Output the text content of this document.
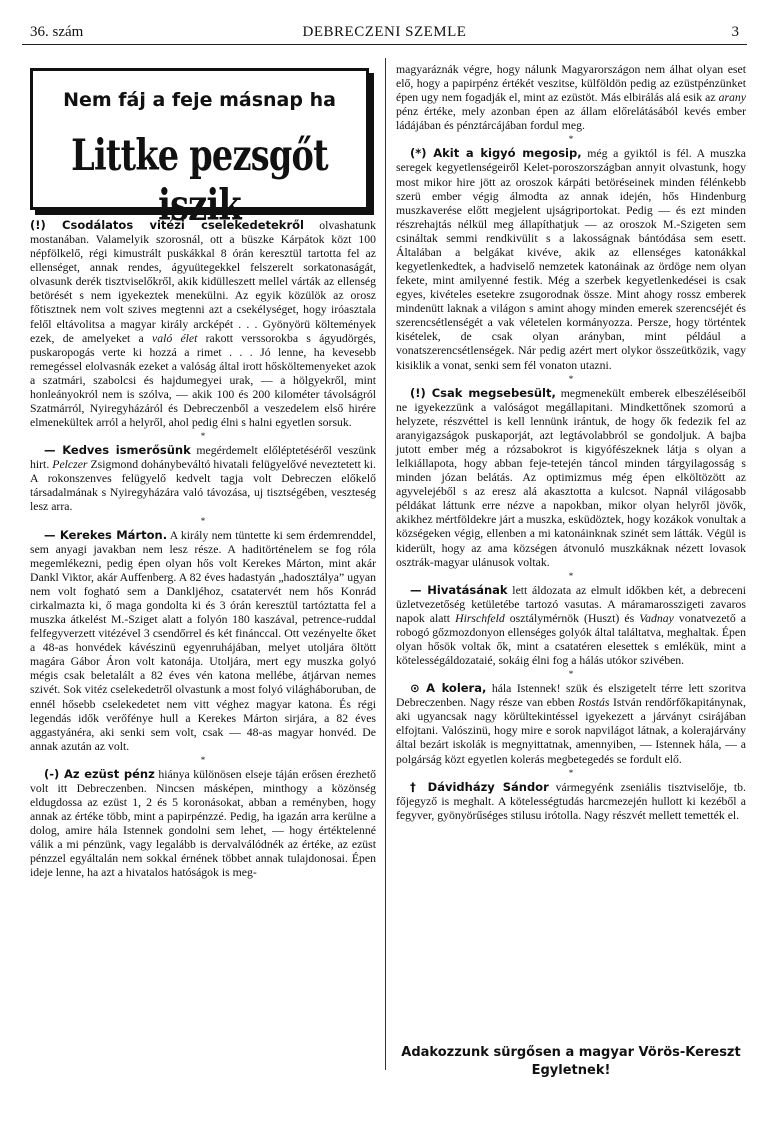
36. szám	DEBRECZENI SZEMLE	3
Nem fáj a feje másnap ha
Littke pezsgőt iszik

(!) Csodálatos vitézi cselekedetekről olvashatunk mostanában. Valamelyik szorosnál, ott a büszke Kárpátok közt 100 népfölkelő, régi kimustrált puskákkal 8 órán keresztül tartotta fel az ellenséget, annak rendes, ágyuütegekkel felszerelt sorkatonaságát, olvasunk derék tisztviselőkről, akik kidülleszett mellel várták az ellenség betörését s nem igyekeztek menekülni. Az egyik közülök az orosz főtisztnek nem volt szives megtenni azt a csekélységet, hogy iróasztala felől eltávolitsa a magyar király arcképét . . . Gyönyörü költemények ezek, de amelyeket a való élet rakott verssorokba s ágyudörgés, puskaropogás verte ki hozzá a rimet . . . Jó lenne, ha kevesebb remegéssel elolvasnák ezeket a valóság által irott hősköltemenyeket azok a szatmári, szabolcsi és hajdumegyei urak, — a hölgyekről, mint honleányokról nem is szólva, — akik 100 és 200 kilométer távolságról Szatmárról, Nyiregyházáról és Debreczenből a veszedelem első hirére elmenekültek arról a helyről, ahol pedig élni s halni egyetlen sorsuk.

*

— Kedves ismerősünk megérdemelt előléptetéséről veszünk hirt. Pelczer Zsigmond dohánybeváltó hivatali felügyelővé neveztetett ki. A rokonszenves felügyelő kedvelt tagja volt Debreczen előkelő társadalmának s Nyiregyházára való távozása, uj tisztségében, veszteség lesz arra.

*

— Kerekes Márton. A király nem tüntette ki sem érdemrenddel, sem anyagi javakban nem lesz része. A haditörténelem se fog róla megemlékezni, pedig épen olyan hős volt Kerekes Márton, mint akár Dankl Viktor, akár Auffenberg. A 82 éves hadastyán „hadosztálya” ugyan nem volt fogható sem a Dankljéhoz, csatatervét nem hős Konrád cirkalmazta ki, ő maga gondolta ki és 3 órán keresztül tartóztatta fel a muszka átkelést M.-Sziget alatt a folyón 180 kaszával, petrence-ruddal felfegyverzett vitézével 3 csendőrrel és két finánccal. Ott vezényelte őket a 48-as honvédek kávészinü egyenruhájában, melyet utoljára öltött magára Gábor Áron volt katonája. Utoljára, mert egy muszka golyó mégis csak beletalált a 82 éves vén katona mellébe, átjárvan nemes szivét. Sok vitéz cselekedetről olvastunk a most folyó világháboruban, de ennél hősebb cselekedetet nem vitt véghez magyar katona. És régi legendás idők verőfénye hull a Kerekes Márton sirjára, a 82 éves aggastyánéra, aki senki sem volt, csak — 48-as magyar honvéd. De annak azután az volt.

*

(-) Az ezüst pénz hiánya különösen elseje táján erősen érezhető volt itt Debreczenben. Nincsen másképen, minthogy a közönség eldugdossa az ezüst 1, 2 és 5 koronásokat, abban a reményben, hogy annak az értéke több, mint a papirpénzzé. Pedig, ha igazán arra kerülne a dolog, amire hála Istennek gondolni sem lehet, — hogy értéktelenné válik a mi pénzünk, vagy legalább is dervalválódnék az értéke, az ezüst pénzzel egyáltalán nem sokkal érnének többet annak tulajdonosai. Épen ideje lenne, ha azt a hivatalos hatóságok is meg-

magyaráznák végre, hogy nálunk Magyarországon nem álhat olyan eset elő, hogy a papirpénz értékét veszitse, külföldön pedig az ezüstpénzünket épen ugy nem fogadják el, mint az ezüstöt. Más elbirálás alá esik az arany pénz értéke, mely azonban épen az állam előrelátásából kevés ember ládájában és pénztárcájában fordul meg.

*

(*) Akit a kigyó megosip, még a gyiktól is fél. A muszka seregek kegyetlenségeiről Kelet-poroszországban annyit olvastunk, hogy most mikor hire jött az oroszok kárpáti betöréseinek minden félénkebb szerü ember végig álmodta az annak idején, hős Hindenburg muszkaverése előtt megjelent ujságriportokat. Pedig — és ezt minden részrehajtás nélkül meg állapíthatjuk — az oroszok M.-Szigeten sem csináltak semmi rendkivülit s a lakosságnak bántódása sem esett. Általában a belgákat kivéve, akik az ellenséges katonákkal kegyetlenkedtek, a hadviselő nemzetek katonáinak az ördöge nem olyan fekete, mint amilyenné festik. Még a szerbek kegyetlenkedései is csak egyes, kivételes esetekre zsugorodnak össze. Mint ahogy rossz emberek mindenütt laknak a világon s amint ahogy minden emerek szerencséjét és szerencsétlenségét a vak véletelen kormányozza. Persze, hogy történtek kisételek, de csak olyan arányban, mint például a vonatszerencsétlenségek. Nár pedig azért mert olykor összeütközik, vagy kisiklik a vonat, senki sem fél vonaton utazni.

*

(!) Csak megsebesült, megmenekült emberek elbeszéléseiből ne igyekezzünk a valóságot megállapitani. Mindkettőnek szomorú a helyzete, részvéttel is kell lennünk irántuk, de hogy ők fedezik fel az aranyigazságok puskaporját, azt legtávolabbról se gondoljuk. A bajba jutott ember még a rózsabokrot is kigyófészeknek látja s olyan a lelkiállapota, hogy abban feje-tetején táncol minden tárgyilagosság s minden józan belátás. Az optimizmus még épen elköltözött az agyvelejéből s az eresz alá akasztotta a kulcsot. Napnál világosabb példákat láttunk erre nézve a napokban, mikor olyan helyről jövők, akikhez mértföldekre járt a muszka, esküdöztek, hogy kozákok vonultak a községeken végig, ellenben a mi katonáinknak szinét sem látták. Végül is kiderült, hogy az ama községen átvonuló muszkáknak nézett lovasok osztrák-magyar ulánusok voltak.

*

— Hivatásának lett áldozata az elmult időkben két, a debreceni üzletvezetőség ketületébe tartozó vasutas. A máramarosszigeti zavaros napok alatt Hirschfeld osztálymérnök (Huszt) és Vadnay vonatvezető a robogó gőzmozdonyon ellenséges golyók által találtatva, meghaltak. Épen olyan hősök voltak ők, mint a csatatéren elesettek s emlékük, mint a kötelességáldozataié, sokáig élni fog a hálás utókor szivében.

*

⊙ A kolera, hála Istennek! szük és elszigetelt térre lett szoritva Debreczenben. Nagy része van ebben Rostás István rendőrfőkapitánynak, aki ugyancsak nagy körültekintéssel igyekezett a járványt csirájában elfojtani. Valószinü, hogy mire e sorok napvilágot látnak, a kolerajárvány által bezárt iskolák is megnyittatnak, amennyiben, — Istennek hála, — a polgárság közt egyetlen kolerás megbetegedés se fordult elő.

*

† Dávidházy Sándor vármegyénk zseniális tisztviselője, tb. főjegyző is meghalt. A kötelességtudás harcmezején hullott ki kezéből a fegyver, gyönyörűséges stilusu irótolla. Nagy részvét mellett temették el.

Adakozzunk sürgősen a magyar Vörös-Kereszt
Egyletnek!
